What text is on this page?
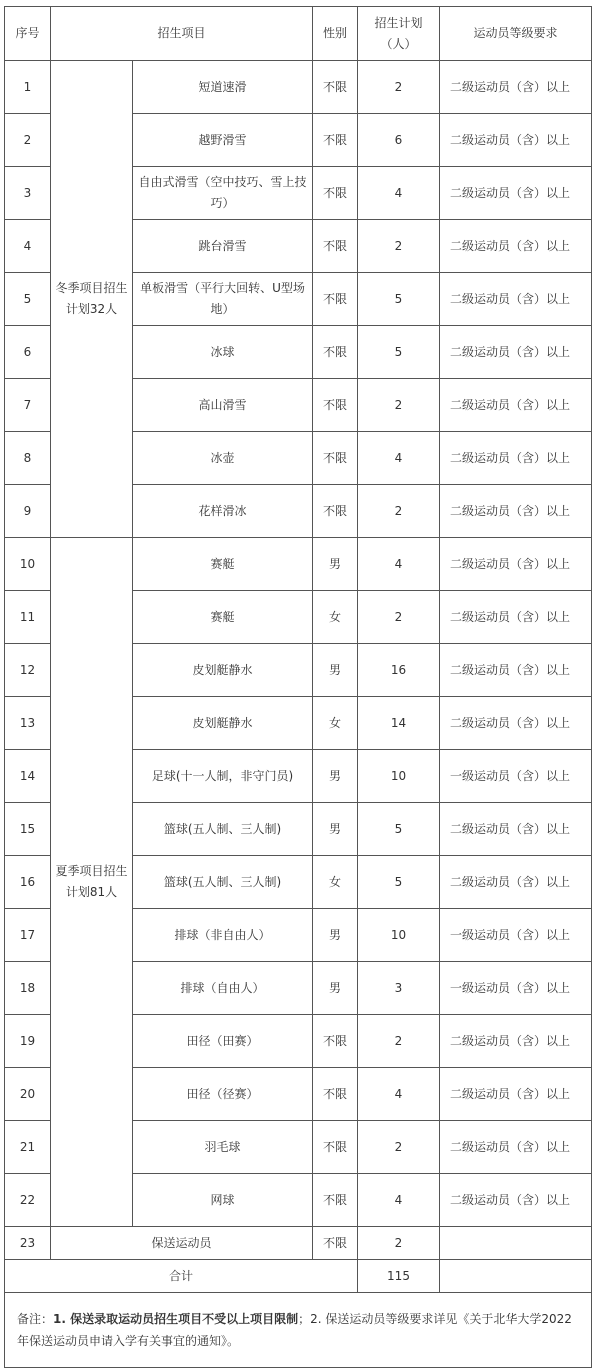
序号	招生项目		性别	招生计划（人）	运动员等级要求
1	冬季项目招生计划32人	短道速滑	不限	2	二级运动员（含）以上
2		越野滑雪	不限	6	二级运动员（含）以上
3		自由式滑雪（空中技巧、雪上技巧）	不限	4	二级运动员（含）以上
4		跳台滑雪	不限	2	二级运动员（含）以上
5		单板滑雪（平行大回转、U型场地）	不限	5	二级运动员（含）以上
6		冰球	不限	5	二级运动员（含）以上
7		高山滑雪	不限	2	二级运动员（含）以上
8		冰壶	不限	4	二级运动员（含）以上
9		花样滑冰	不限	2	二级运动员（含）以上
10	夏季项目招生计划81人	赛艇	男	4	二级运动员（含）以上
11		赛艇	女	2	二级运动员（含）以上
12		皮划艇静水	男	16	二级运动员（含）以上
13		皮划艇静水	女	14	二级运动员（含）以上
14		足球(十一人制，非守门员)	男	10	一级运动员（含）以上
15		篮球(五人制、三人制)	男	5	二级运动员（含）以上
16		篮球(五人制、三人制)	女	5	二级运动员（含）以上
17		排球（非自由人）	男	10	一级运动员（含）以上
18		排球（自由人）	男	3	一级运动员（含）以上
19		田径（田赛）	不限	2	二级运动员（含）以上
20		田径（径赛）	不限	4	二级运动员（含）以上
21		羽毛球	不限	2	二级运动员（含）以上
22		网球	不限	4	二级运动员（含）以上
23	保送运动员		不限	2	
合计				115	
备注：1. 保送录取运动员招生项目不受以上项目限制；2. 保送运动员等级要求详见《关于北华大学2022年保送运动员申请入学有关事宜的通知》。					
